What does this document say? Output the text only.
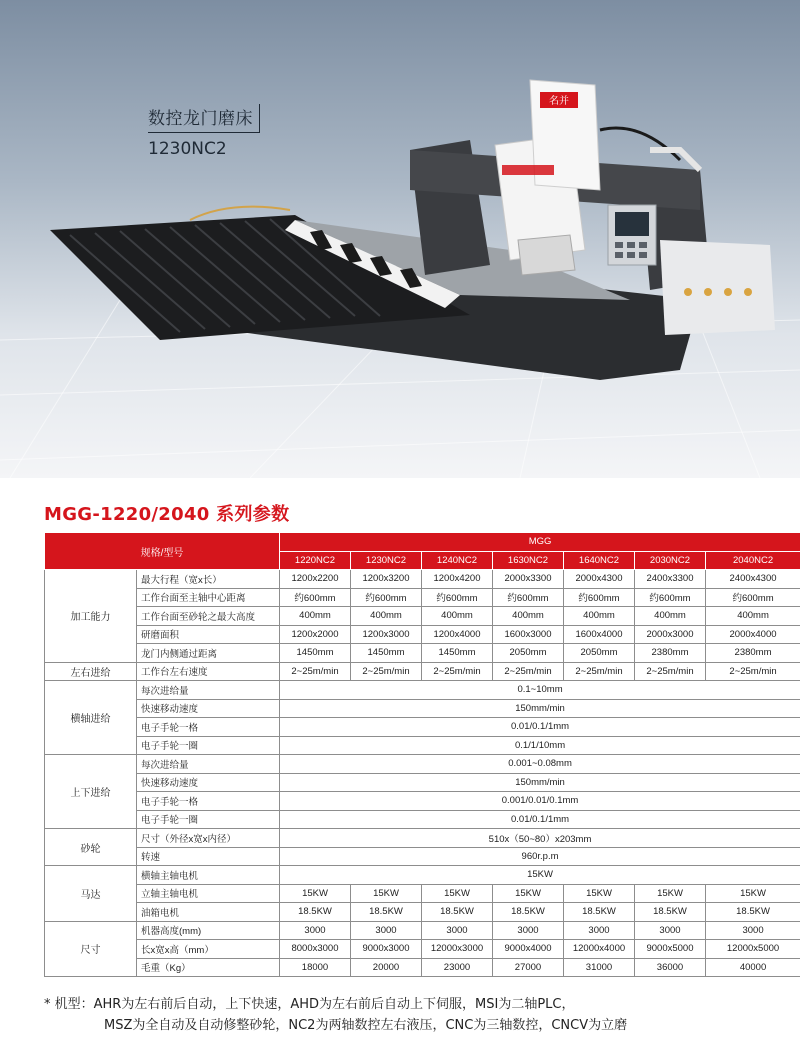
数控龙门磨床
1230NC2
名并
MGG-1220/2040 系列参数
规格/型号		MGG						
		1220NC2	1230NC2	1240NC2	1630NC2	1640NC2	2030NC2	2040NC2
加工能力	最大行程（宽x长）	1200x2200	1200x3200	1200x4200	2000x3300	2000x4300	2400x3300	2400x4300
	工作台面至主轴中心距离	约600mm	约600mm	约600mm	约600mm	约600mm	约600mm	约600mm
	工作台面至砂轮之最大高度	400mm	400mm	400mm	400mm	400mm	400mm	400mm
	研磨面积	1200x2000	1200x3000	1200x4000	1600x3000	1600x4000	2000x3000	2000x4000
	龙门内侧通过距离	1450mm	1450mm	1450mm	2050mm	2050mm	2380mm	2380mm
左右进给	工作台左右速度	2~25m/min	2~25m/min	2~25m/min	2~25m/min	2~25m/min	2~25m/min	2~25m/min
横轴进给	每次进给量	0.1~10mm						
	快速移动速度	150mm/min						
	电子手轮一格	0.01/0.1/1mm						
	电子手轮一圈	0.1/1/10mm						
上下进给	每次进给量	0.001~0.08mm						
	快速移动速度	150mm/min						
	电子手轮一格	0.001/0.01/0.1mm						
	电子手轮一圈	0.01/0.1/1mm						
砂轮	尺寸（外径x宽x内径）	510x（50~80）x203mm						
	转速	960r.p.m						
马达	横轴主轴电机	15KW						
	立轴主轴电机	15KW	15KW	15KW	15KW	15KW	15KW	15KW
	油箱电机	18.5KW	18.5KW	18.5KW	18.5KW	18.5KW	18.5KW	18.5KW
尺寸	机器高度(mm)	3000	3000	3000	3000	3000	3000	3000
	长x宽x高（mm）	8000x3000	9000x3000	12000x3000	9000x4000	12000x4000	9000x5000	12000x5000
	毛重（Kg）	18000	20000	23000	27000	31000	36000	40000
* 机型：AHR为左右前后自动，上下快速，AHD为左右前后自动上下伺服，MSI为二轴PLC，
MSZ为全自动及自动修整砂轮，NC2为两轴数控左右液压，CNC为三轴数控，CNCV为立磨
